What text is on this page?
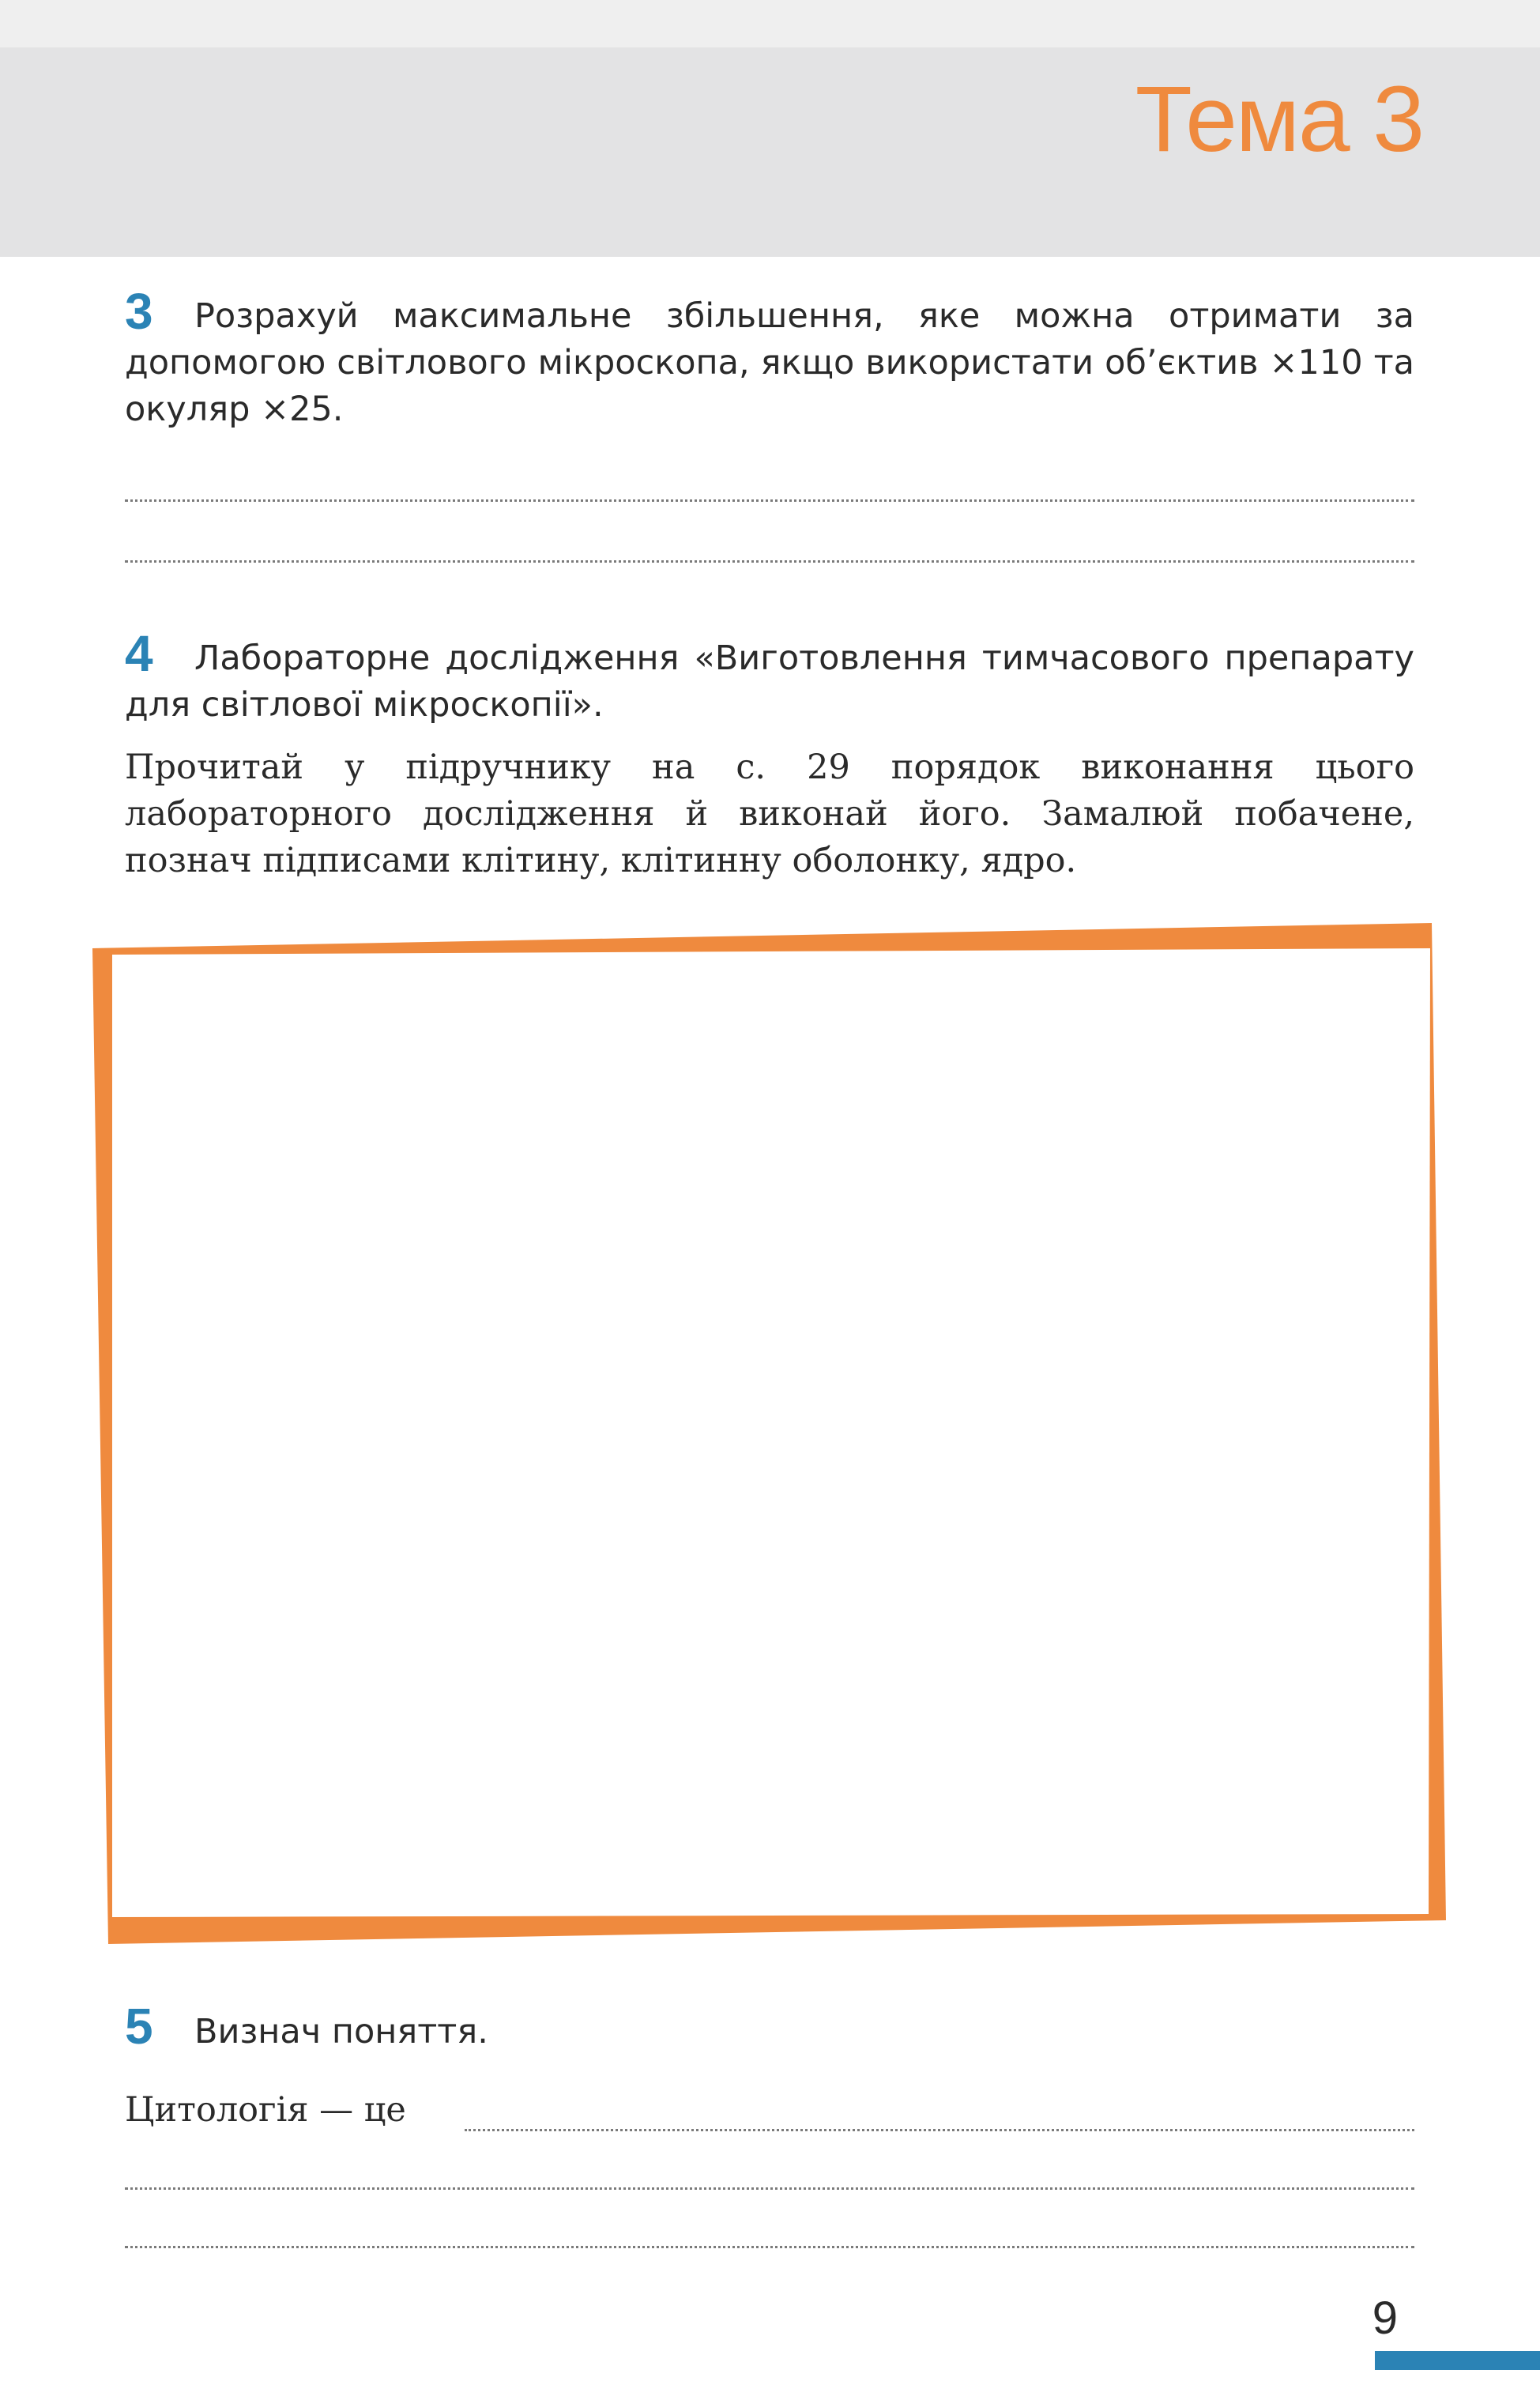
Тема 3
3	Розрахуй максимальне збільшення, яке можна отримати за допомогою світлового мікроскопа, якщо використати об’єктив ×110 та окуляр ×25.
4	Лабораторне дослідження «Виготовлення тимчасового препарату для світлової мікроскопії».
Прочитай у підручнику на с. 29 порядок виконання цього лабораторного дослідження й виконай його. Замалюй побачене, познач підписами клітину, клітинну оболонку, ядро.
5	Визнач поняття.
Цитологія — це
9
